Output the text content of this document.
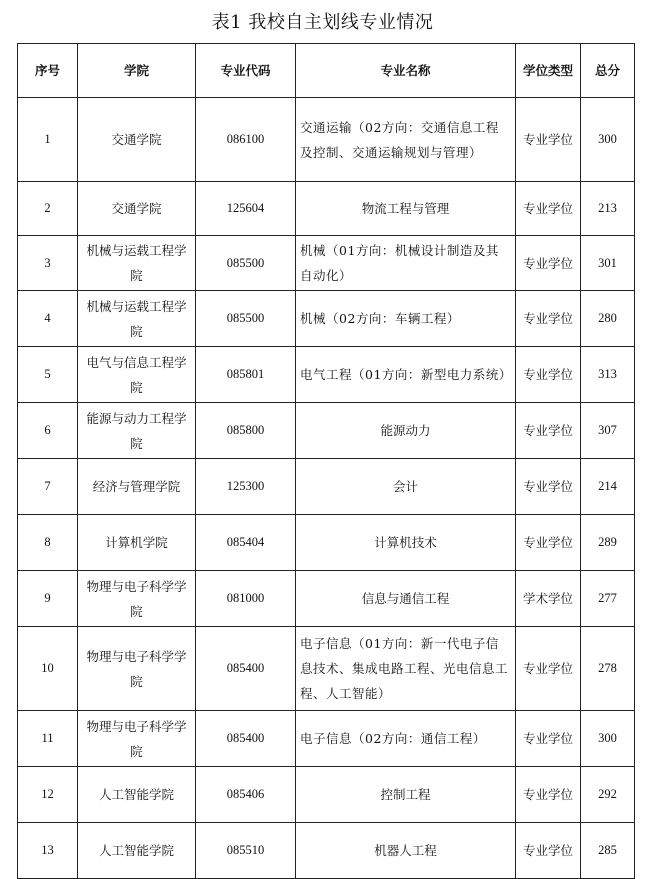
表1 我校自主划线专业情况
序号	学院	专业代码	专业名称	学位类型	总分
1	交通学院	086100	交通运输（02方向：交通信息工程及控制、交通运输规划与管理）	专业学位	300
2	交通学院	125604	物流工程与管理	专业学位	213
3	机械与运载工程学院	085500	机械（01方向：机械设计制造及其自动化）	专业学位	301
4	机械与运载工程学院	085500	机械（02方向：车辆工程）	专业学位	280
5	电气与信息工程学院	085801	电气工程（01方向：新型电力系统）	专业学位	313
6	能源与动力工程学院	085800	能源动力	专业学位	307
7	经济与管理学院	125300	会计	专业学位	214
8	计算机学院	085404	计算机技术	专业学位	289
9	物理与电子科学学院	081000	信息与通信工程	学术学位	277
10	物理与电子科学学院	085400	电子信息（01方向：新一代电子信息技术、集成电路工程、光电信息工程、人工智能）	专业学位	278
11	物理与电子科学学院	085400	电子信息（02方向：通信工程）	专业学位	300
12	人工智能学院	085406	控制工程	专业学位	292
13	人工智能学院	085510	机器人工程	专业学位	285
